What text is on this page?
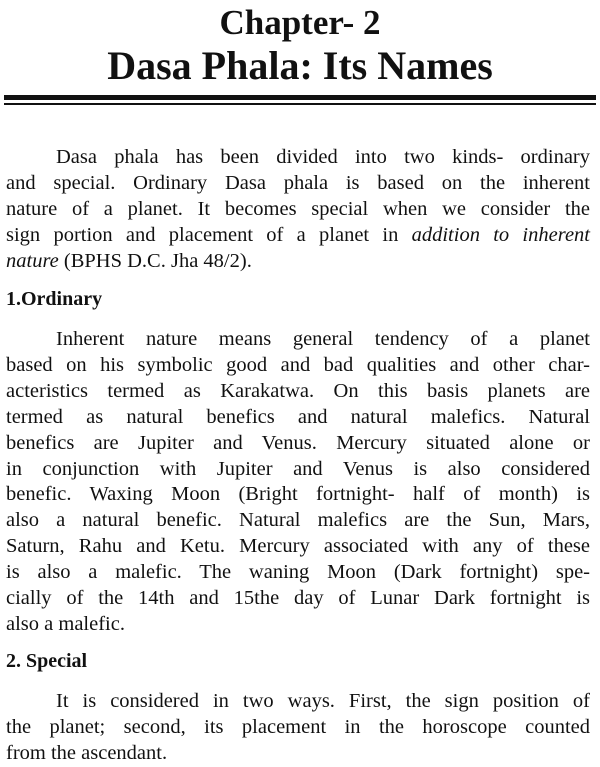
Chapter- 2
Dasa Phala: Its Names
Dasa phala has been divided into two kinds- ordinary
and special. Ordinary Dasa phala is based on the inherent
nature of a planet. It becomes special when we consider the
sign portion and placement of a planet in addition to inherent
nature (BPHS D.C. Jha 48/2).
1.Ordinary
Inherent nature means general tendency of a planet
based on his symbolic good and bad qualities and other char-
acteristics termed as Karakatwa. On this basis planets are
termed as natural benefics and natural malefics. Natural
benefics are Jupiter and Venus. Mercury situated alone or
in conjunction with Jupiter and Venus is also considered
benefic. Waxing Moon (Bright fortnight- half of month) is
also a natural benefic. Natural malefics are the Sun, Mars,
Saturn, Rahu and Ketu. Mercury associated with any of these
is also a malefic. The waning Moon (Dark fortnight) spe-
cially of the 14th and 15the day of Lunar Dark fortnight is
also a malefic.
2. Special
It is considered in two ways. First, the sign position of
the planet; second, its placement in the horoscope counted
from the ascendant.
